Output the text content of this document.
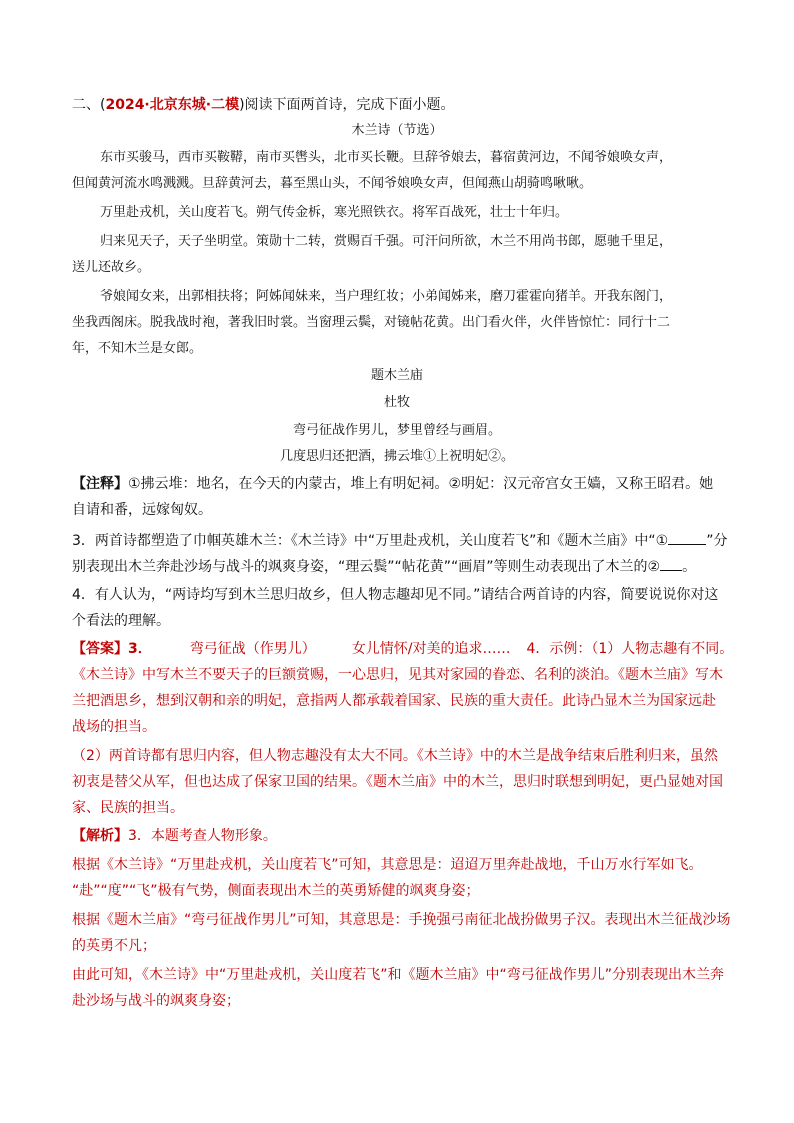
二、(2024·北京东城·二模)阅读下面两首诗，完成下面小题。
木兰诗（节选）
东市买骏马，西市买鞍鞯，南市买辔头，北市买长鞭。旦辞爷娘去，暮宿黄河边，不闻爷娘唤女声，
但闻黄河流水鸣溅溅。旦辞黄河去，暮至黑山头，不闻爷娘唤女声，但闻燕山胡骑鸣啾啾。
万里赴戎机，关山度若飞。朔气传金柝，寒光照铁衣。将军百战死，壮士十年归。
归来见天子，天子坐明堂。策勋十二转，赏赐百千强。可汗问所欲，木兰不用尚书郎，愿驰千里足，
送儿还故乡。
爷娘闻女来，出郭相扶将；阿姊闻妹来，当户理红妆；小弟闻姊来，磨刀霍霍向猪羊。开我东阁门，
坐我西阁床。脱我战时袍，著我旧时裳。当窗理云鬓，对镜帖花黄。出门看火伴，火伴皆惊忙：同行十二
年，不知木兰是女郎。
题木兰庙
杜牧
弯弓征战作男儿，梦里曾经与画眉。
几度思归还把酒，拂云堆①上祝明妃②。
【注释】①拂云堆：地名，在今天的内蒙古，堆上有明妃祠。②明妃：汉元帝宫女王嫱，又称王昭君。她
自请和番，远嫁匈奴。
3．两首诗都塑造了巾帼英雄木兰：《木兰诗》中“万里赴戎机，关山度若飞”和《题木兰庙》中“①	”分
别表现出木兰奔赴沙场与战斗的飒爽身姿，“理云鬓”“帖花黄”“画眉”等则生动表现出了木兰的② 。
4．有人认为，“两诗均写到木兰思归故乡，但人物志趣却见不同。”请结合两首诗的内容，简要说说你对这
个看法的理解。
【答案】3．	弯弓征战（作男儿）	女儿情怀/对美的追求…… 4．示例：（1）人物志趣有不同。
《木兰诗》中写木兰不要天子的巨额赏赐，一心思归，见其对家园的眷恋、名利的淡泊。《题木兰庙》写木
兰把酒思乡，想到汉朝和亲的明妃，意指两人都承载着国家、民族的重大责任。此诗凸显木兰为国家远赴
战场的担当。
（2）两首诗都有思归内容，但人物志趣没有太大不同。《木兰诗》中的木兰是战争结束后胜利归来，虽然
初衷是替父从军，但也达成了保家卫国的结果。《题木兰庙》中的木兰，思归时联想到明妃，更凸显她对国
家、民族的担当。
【解析】3．本题考查人物形象。
根据《木兰诗》“万里赴戎机，关山度若飞”可知，其意思是：迢迢万里奔赴战地，千山万水行军如飞。
“赴”“度”“飞”极有气势，侧面表现出木兰的英勇矫健的飒爽身姿；
根据《题木兰庙》“弯弓征战作男儿”可知，其意思是：手挽强弓南征北战扮做男子汉。表现出木兰征战沙场
的英勇不凡；
由此可知，《木兰诗》中“万里赴戎机，关山度若飞”和《题木兰庙》中“弯弓征战作男儿”分别表现出木兰奔
赴沙场与战斗的飒爽身姿；
